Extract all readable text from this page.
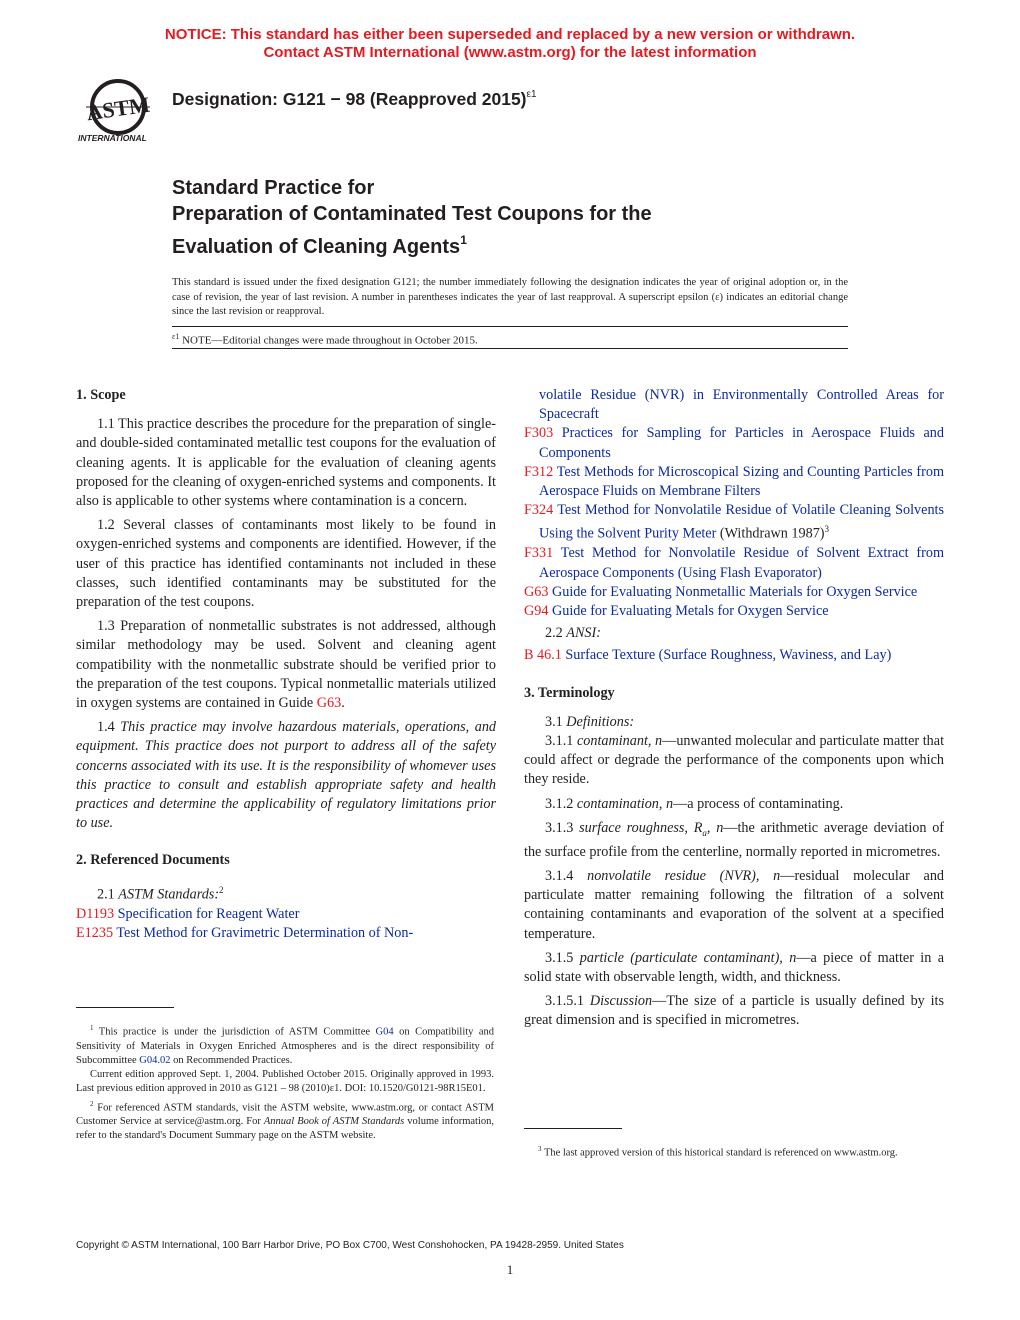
NOTICE: This standard has either been superseded and replaced by a new version or withdrawn.
Contact ASTM International (www.astm.org) for the latest information
ASTM
INTERNATIONAL
Designation: G121 − 98 (Reapproved 2015)$^{\varepsilon 1}$
Standard Practice for
Preparation of Contaminated Test Coupons for the
Evaluation of Cleaning Agents$^1$
This standard is issued under the fixed designation G121; the number immediately following the designation indicates the year of original adoption or, in the case of revision, the year of last revision. A number in parentheses indicates the year of last reapproval. A superscript epsilon (ε) indicates an editorial change since the last revision or reapproval.
$^{\varepsilon 1}$ NOTE—Editorial changes were made throughout in October 2015.

1. Scope

1.1 This practice describes the procedure for the preparation of single- and double-sided contaminated metallic test coupons for the evaluation of cleaning agents. It is applicable for the evaluation of cleaning agents proposed for the cleaning of oxygen-enriched systems and components. It also is applicable to other systems where contamination is a concern.

1.2 Several classes of contaminants most likely to be found in oxygen-enriched systems and components are identified. However, if the user of this practice has identified contaminants not included in these classes, such identified contaminants may be substituted for the preparation of the test coupons.

1.3 Preparation of nonmetallic substrates is not addressed, although similar methodology may be used. Solvent and cleaning agent compatibility with the nonmetallic substrate should be verified prior to the preparation of the test coupons. Typical nonmetallic materials utilized in oxygen systems are contained in Guide G63.

1.4 This practice may involve hazardous materials, operations, and equipment. This practice does not purport to address all of the safety concerns associated with its use. It is the responsibility of whomever uses this practice to consult and establish appropriate safety and health practices and determine the applicability of regulatory limitations prior to use.

2. Referenced Documents

2.1 ASTM Standards:$^2$

D1193 Specification for Reagent Water

E1235 Test Method for Gravimetric Determination of Non-

$^1$ This practice is under the jurisdiction of ASTM Committee G04 on Compatibility and Sensitivity of Materials in Oxygen Enriched Atmospheres and is the direct responsibility of Subcommittee G04.02 on Recommended Practices.

Current edition approved Sept. 1, 2004. Published October 2015. Originally approved in 1993. Last previous edition approved in 2010 as G121 – 98 (2010)ε1. DOI: 10.1520/G0121-98R15E01.

$^2$ For referenced ASTM standards, visit the ASTM website, www.astm.org, or contact ASTM Customer Service at service@astm.org. For Annual Book of ASTM Standards volume information, refer to the standard's Document Summary page on the ASTM website.

volatile Residue (NVR) in Environmentally Controlled Areas for Spacecraft

F303 Practices for Sampling for Particles in Aerospace Fluids and Components

F312 Test Methods for Microscopical Sizing and Counting Particles from Aerospace Fluids on Membrane Filters

F324 Test Method for Nonvolatile Residue of Volatile Cleaning Solvents Using the Solvent Purity Meter (Withdrawn 1987)$^3$

F331 Test Method for Nonvolatile Residue of Solvent Extract from Aerospace Components (Using Flash Evaporator)

G63 Guide for Evaluating Nonmetallic Materials for Oxygen Service

G94 Guide for Evaluating Metals for Oxygen Service

2.2 ANSI:

B 46.1 Surface Texture (Surface Roughness, Waviness, and Lay)

3. Terminology

3.1 Definitions:

3.1.1 contaminant, n—unwanted molecular and particulate matter that could affect or degrade the performance of the components upon which they reside.

3.1.2 contamination, n—a process of contaminating.

3.1.3 surface roughness, $R_a$, n—the arithmetic average deviation of the surface profile from the centerline, normally reported in micrometres.

3.1.4 nonvolatile residue (NVR), n—residual molecular and particulate matter remaining following the filtration of a solvent containing contaminants and evaporation of the solvent at a specified temperature.

3.1.5 particle (particulate contaminant), n—a piece of matter in a solid state with observable length, width, and thickness.

3.1.5.1 Discussion—The size of a particle is usually defined by its great dimension and is specified in micrometres.

$^3$ The last approved version of this historical standard is referenced on www.astm.org.

Copyright © ASTM International, 100 Barr Harbor Drive, PO Box C700, West Conshohocken, PA 19428-2959. United States
1
